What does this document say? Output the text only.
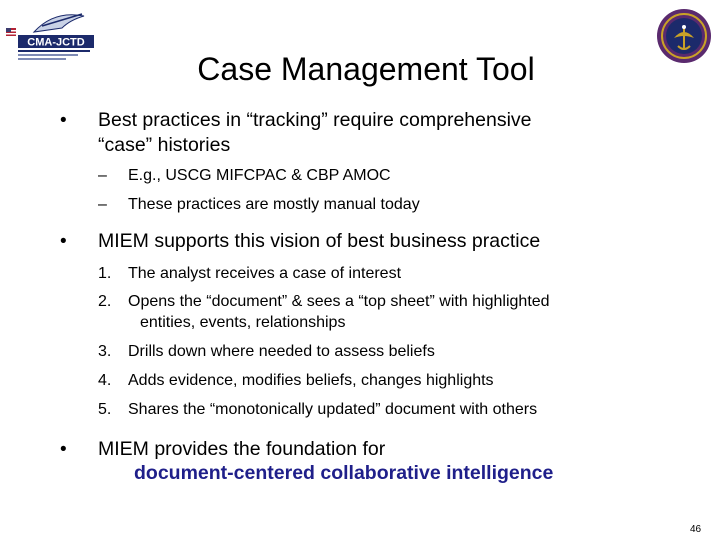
CMA-JCTD
Case Management Tool
• Best practices in “tracking” require comprehensive
“case” histories
– E.g., USCG MIFCPAC & CBP AMOC
– These practices are mostly manual today
• MIEM supports this vision of best business practice
1. The analyst receives a case of interest
2. Opens the “document” & sees a “top sheet” with highlighted
entities, events, relationships
3. Drills down where needed to assess beliefs
4. Adds evidence, modifies beliefs, changes highlights
5. Shares the “monotonically updated” document with others
• MIEM provides the foundation for
document-centered collaborative intelligence
46
